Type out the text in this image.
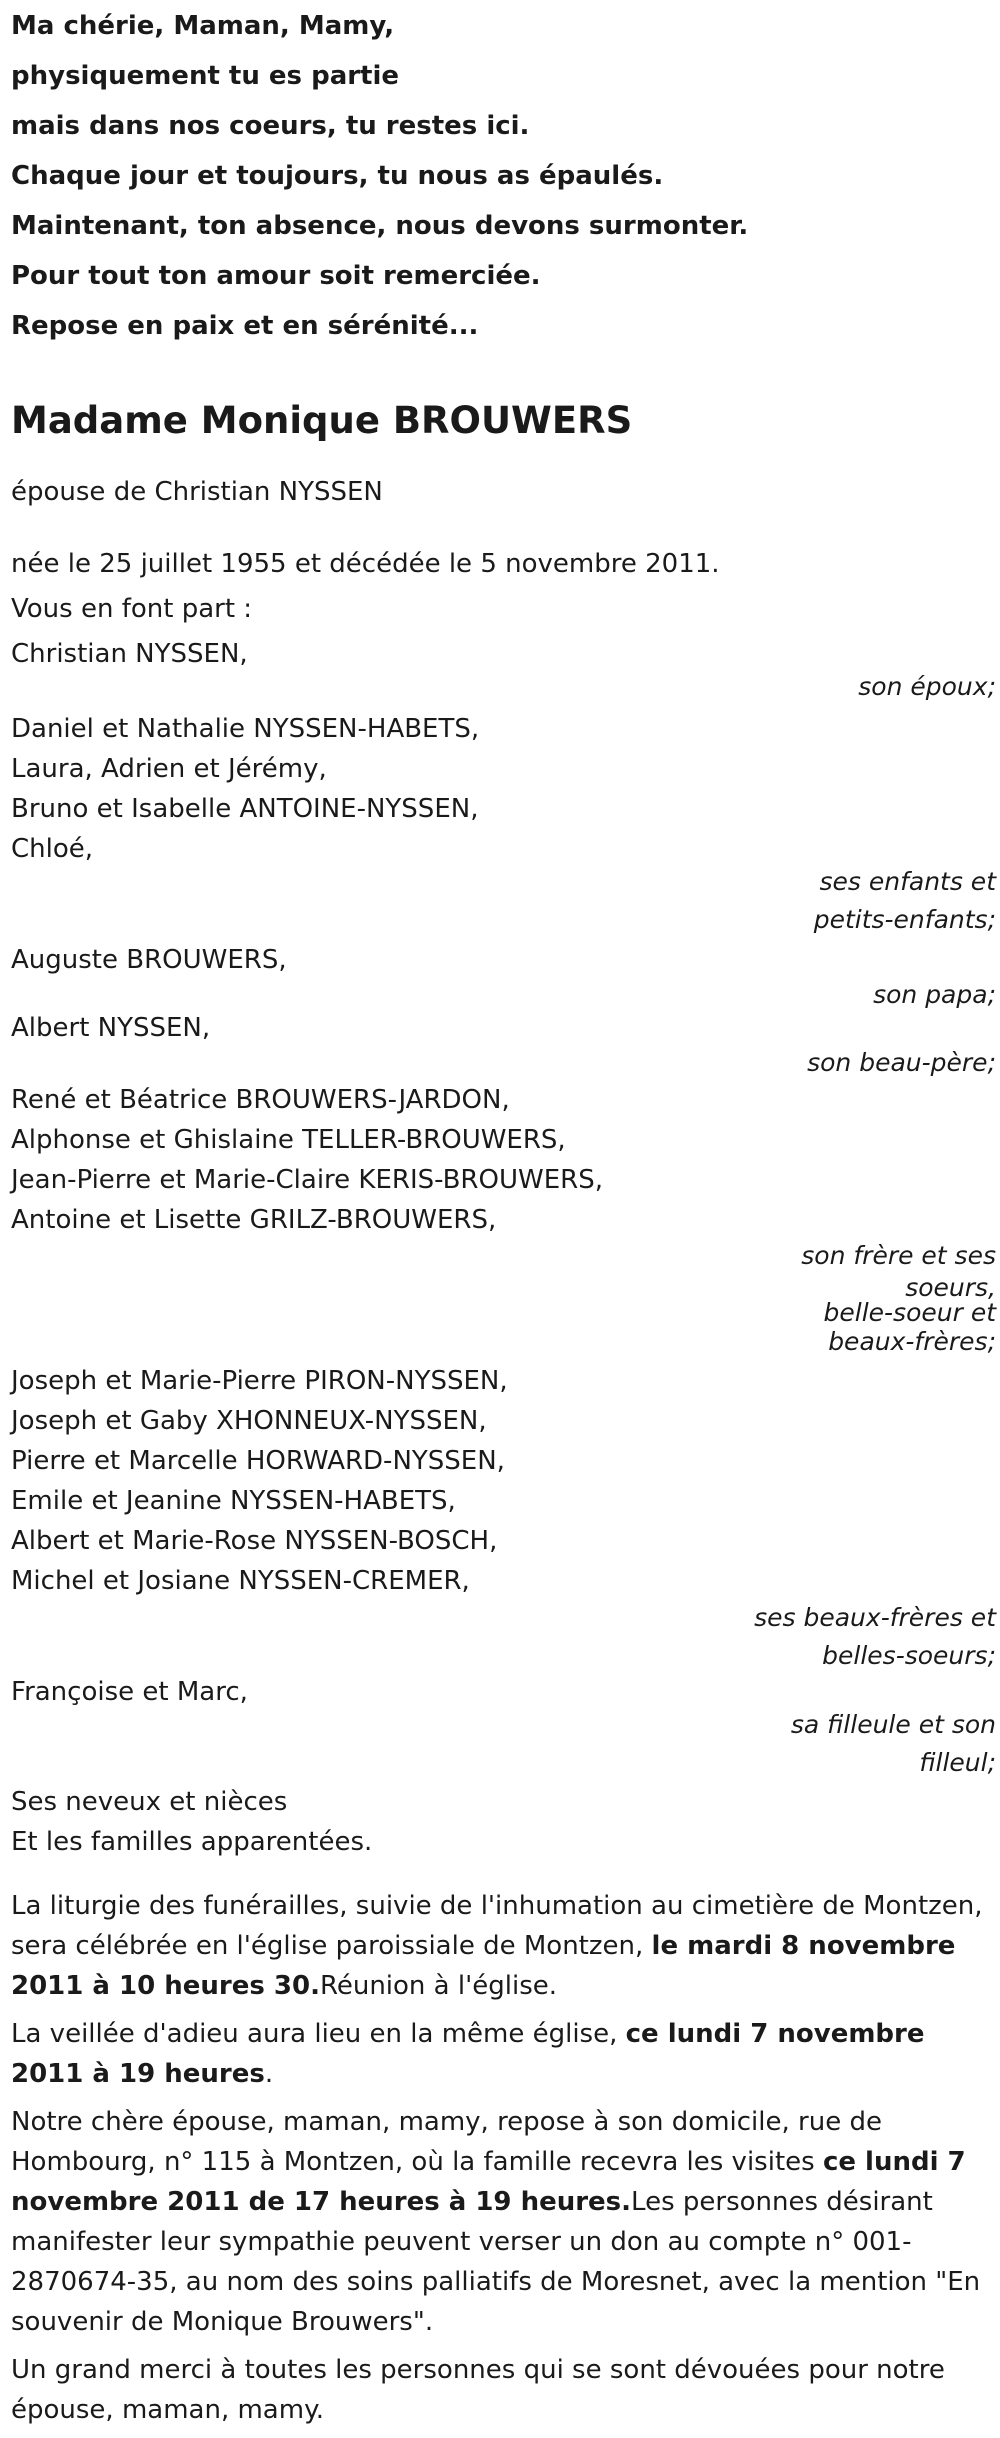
Ma chérie, Maman, Mamy,
physiquement tu es partie
mais dans nos coeurs, tu restes ici.
Chaque jour et toujours, tu nous as épaulés.
Maintenant, ton absence, nous devons surmonter.
Pour tout ton amour soit remerciée.
Repose en paix et en sérénité...
Madame Monique BROUWERS
épouse de Christian NYSSEN
née le 25 juillet 1955 et décédée le 5 novembre 2011.
Vous en font part :
Christian NYSSEN,
son époux;
Daniel et Nathalie NYSSEN-HABETS,
Laura, Adrien et Jérémy,
Bruno et Isabelle ANTOINE-NYSSEN,
Chloé,
ses enfants et
petits-enfants;
Auguste BROUWERS,
son papa;
Albert NYSSEN,
son beau-père;
René et Béatrice BROUWERS-JARDON,
Alphonse et Ghislaine TELLER-BROUWERS,
Jean-Pierre et Marie-Claire KERIS-BROUWERS,
Antoine et Lisette GRILZ-BROUWERS,
son frère et ses
soeurs,
belle-soeur et
beaux-frères;
Joseph et Marie-Pierre PIRON-NYSSEN,
Joseph et Gaby XHONNEUX-NYSSEN,
Pierre et Marcelle HORWARD-NYSSEN,
Emile et Jeanine NYSSEN-HABETS,
Albert et Marie-Rose NYSSEN-BOSCH,
Michel et Josiane NYSSEN-CREMER,
ses beaux-frères et
belles-soeurs;
Françoise et Marc,
sa filleule et son
filleul;
Ses neveux et nièces
Et les familles apparentées.

La liturgie des funérailles, suivie de l'inhumation au cimetière de Montzen, sera célébrée en l'église paroissiale de Montzen, le mardi 8 novembre 2011 à 10 heures 30.Réunion à l'église.

La veillée d'adieu aura lieu en la même église, ce lundi 7 novembre 2011 à 19 heures.

Notre chère épouse, maman, mamy, repose à son domicile, rue de Hombourg, n° 115 à Montzen, où la famille recevra les visites ce lundi 7 novembre 2011 de 17 heures à 19 heures.Les personnes désirant manifester leur sympathie peuvent verser un don au compte n° 001-2870674-35, au nom des soins palliatifs de Moresnet, avec la mention "En souvenir de Monique Brouwers".

Un grand merci à toutes les personnes qui se sont dévouées pour notre épouse, maman, mamy.
